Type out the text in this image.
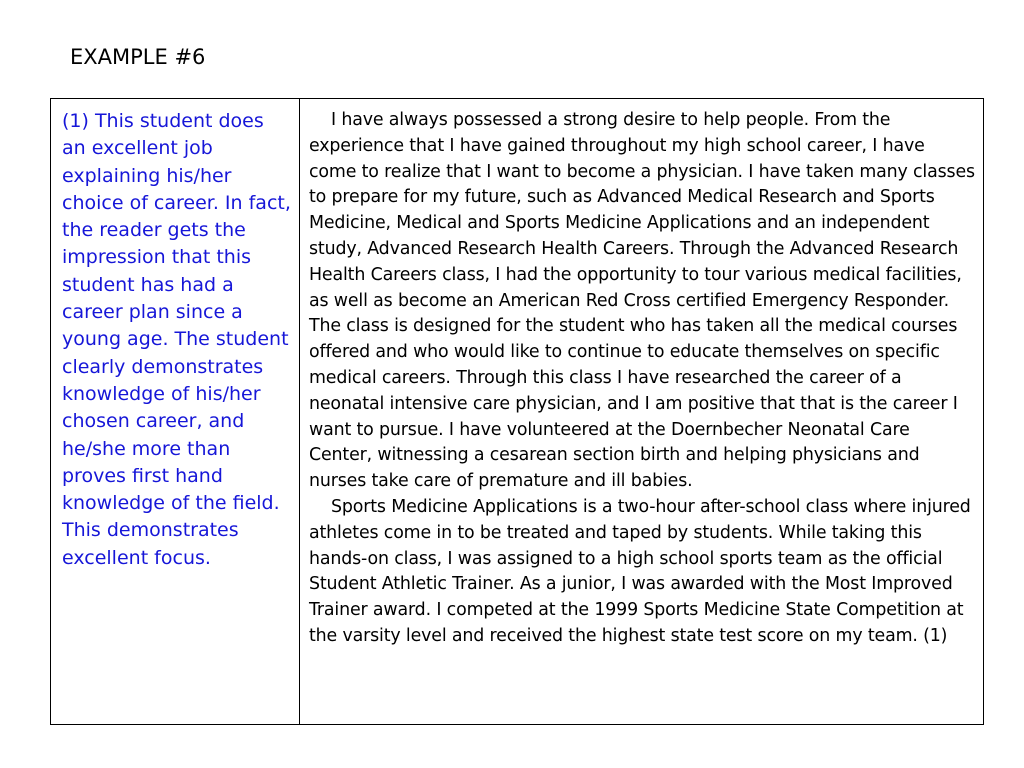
EXAMPLE #6

(1) This student does an excellent job explaining his/her choice of career. In fact, the reader gets the impression that this student has had a career plan since a young age. The student clearly demonstrates knowledge of his/her chosen career, and he/she more than proves first hand knowledge of the field. This demonstrates excellent focus.

I have always possessed a strong desire to help people. From the experience that I have gained throughout my high school career, I have come to realize that I want to become a physician. I have taken many classes to prepare for my future, such as Advanced Medical Research and Sports Medicine, Medical and Sports Medicine Applications and an independent study, Advanced Research Health Careers. Through the Advanced Research Health Careers class, I had the opportunity to tour various medical facilities, as well as become an American Red Cross certified Emergency Responder. The class is designed for the student who has taken all the medical courses offered and who would like to continue to educate themselves on specific medical careers. Through this class I have researched the career of a neonatal intensive care physician, and I am positive that that is the career I want to pursue. I have volunteered at the Doernbecher Neonatal Care Center, witnessing a cesarean section birth and helping physicians and nurses take care of premature and ill babies.

Sports Medicine Applications is a two-hour after-school class where injured athletes come in to be treated and taped by students. While taking this hands-on class, I was assigned to a high school sports team as the official Student Athletic Trainer. As a junior, I was awarded with the Most Improved Trainer award. I competed at the 1999 Sports Medicine State Competition at the varsity level and received the highest state test score on my team. (1)
